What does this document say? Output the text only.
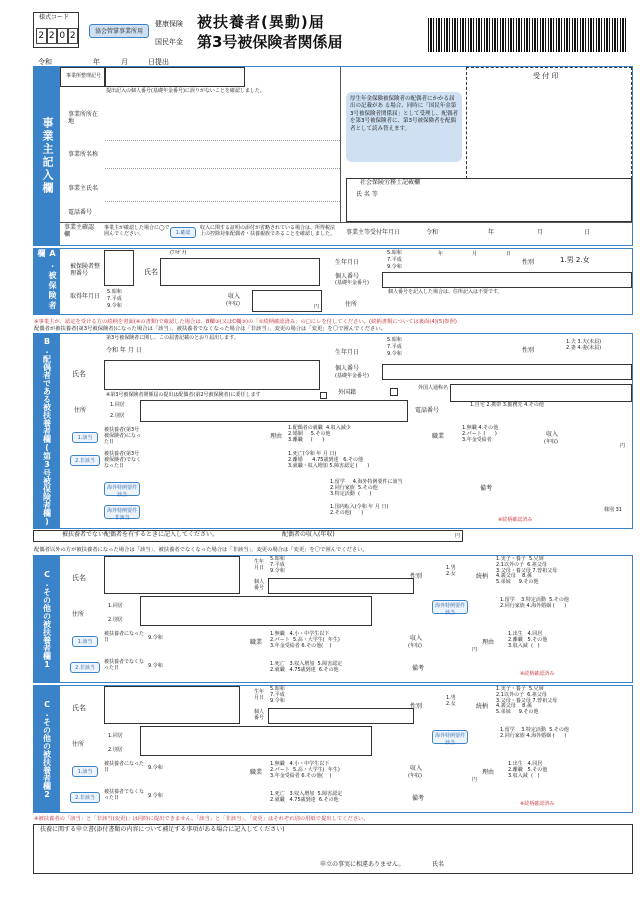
様式コード
2 2 0 2	協会管掌事業所用
健康保険
国民年金
被扶養者(異動)届
第3号被保険者関係届
令和	年	月	日提出
事業主記入欄
事業所整理記号
提出記入の個人番号(基礎年金番号)に誤りがないことを確認しました。
事業所所在地
事業所名称
事業主氏名
電話番号
厚生年金保険被保険者の配偶者にかかる届出の記載があ る場合、同時に「国民年金第3号被保険者関係届」として受理し、配偶者を第3号被保険者に、第3号被保険者を配偶者として読み替えます。
受 付 印
社会保険労務士記載欄
氏 名 等
事業主確認欄
事業主が確認した場合に◯で囲んでください。	1.確認
収入に関する証明の添付が省略されている場合は、所得税法上の控除対象配偶者・扶養親族であることを確認しました。	事業主等受付年月日	令和	年	月	日
A.被保険者欄
被保険者整理番号
(ﾌﾘｶﾞﾅ)
氏名
生年月日
5.昭和
7.平成
9.令和
年	月	日
性別	1.男 2.女
個人番号
(基礎年金番号)
取得年月日
5.昭和
7.平成
9.令和
収入
(年収)	円	住所
個人番号を記入した場合は、住所記入は不要です。
※事業主が、認定を受ける方の続柄を書面(※の書類)で確認した場合は、B欄③(又はC欄③)の「①続柄確認済み」の□にレを付してください。(続柄書類については裏面(4)(5)参照)
配偶者が被扶養者(第3号被保険者)になった場合は「該当」、被扶養者でなくなった場合は「非該当」、変更の場合は「変更」を〇で囲んでください。
B.配偶者である被扶養者欄(第3号被保険者欄)	第3号被保険者に関し、この届書記載のとおり届出します。
令和 年 月 日
氏名
生年月日
5.昭和
7.平成
9.令和	性別
1.夫 3.夫(未届)
2.妻 4.妻(未届)
個人番号
(基礎年金番号)
外国籍
外国人通称名
※第3号被保険者関係届の提出は配偶者(第2号被保険者)に委任します
住所
1.同居
2.別居
電話番号
1.自宅 2.携帯 3.勤務先 4.その他
1.該当
被扶養者(第3号被保険者)になった日
理由
1.配偶者の就職  4.収入減少
2.婚姻     5.その他
3.離職     (      )	職業
1.無職 4.その他
2.パート (      )
3.年金受給者
収入
(年収)
円
2.非該当
被扶養者(第3号被保険者)でなくなった日
1.死亡(令和 年 月 日)
2.離婚      4.75歳到達   6.その他
3.就職・収入増加 5.障害認定 (      )
海外特例要件該当
1.留学     4.海外特例要件に該当
2.同行家族  5.その他
3.特定活動  (      )
海外特例要件非該当
1.国内転入(令和 年 月 日)
2.その他(      )
備考
※続柄確認済み
様別 31
被扶養者でない配偶者を有するときに記入してください。	配偶者の収入(年収)	円
配偶者以外の方が被扶養者になった場合は「該当」、被扶養者でなくなった場合は「非該当」、変更の場合は「変更」を〇で囲んでください。
C.その他の被扶養者欄1	氏名
生年月日
5.昭和
7.平成
9.令和
個人番号
性別
1.男
2.女	続柄
1.実子・養子  5.兄姉
2.1以外の子  6.祖父母
3.父母・養父母 7.曾祖父母
4.義父母    8.孫
5.弟妹     9.その他
住所
1.同居
2.別居
海外特例要件該当
1.留学    3.特定活動  5.その他
2.同行家族 4.海外婚姻 (      )
1.該当
被扶養者になった日	9.令和
職業
1.無職   4.小・中学生以下
2.パート  5.高・大学生(  年生)
3.年金受給者 6.その他(    )
収入
(年収)
円
理由
1.出生   4.同居
2.離職   5.その他
3.収入減  (   )
2.非該当
被扶養者でなくなった日	9.令和	1.死亡   3.収入増加  5.障害認定
2.就職   4.75歳到達  6.その他	備考
※続柄確認済み
C.その他の被扶養者欄2	氏名
生年月日
5.昭和
7.平成
9.令和
個人番号
性別
1.男
2.女	続柄
1.実子・養子  5.兄姉
2.1以外の子  6.祖父母
3.父母・養父母 7.曾祖父母
4.義父母    8.孫
5.弟妹     9.その他
住所
1.同居
2.別居
海外特例要件該当
1.留学    3.特定活動  5.その他
2.同行家族 4.海外婚姻 (      )
1.該当
被扶養者になった日	9.令和
職業
1.無職   4.小・中学生以下
2.パート  5.高・大学生(  年生)
3.年金受給者 6.その他(    )
収入
(年収)
円
理由
1.出生   4.同居
2.離職   5.その他
3.収入減  (   )
2.非該当
被扶養者でなくなった日	9.令和	1.死亡   3.収入増加  5.障害認定
2.就職   4.75歳到達  6.その他	備考
※続柄確認済み
※被扶養者の「該当」と「非該当(変更)」は同時に提出できません。「該当」と「非該当」、「変更」はそれぞれ別の用紙で提出してください。
扶養に関する申立書(添付書類の内容について補足する事項がある場合に記入してください)
申立の事実に相違ありません。	氏名
